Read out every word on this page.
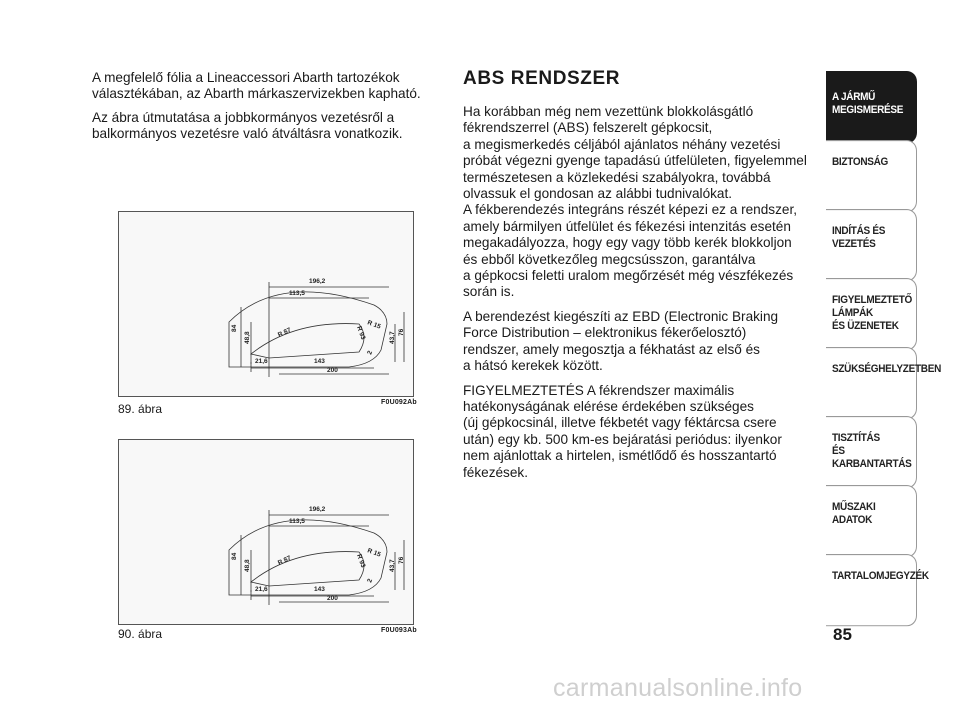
A megfelelő fólia a Lineaccessori Abarth tartozékok választékában, az Abarth márkaszervizekben kapható.

Az ábra útmutatása a jobbkormányos vezetésről a balkormányos vezetésre való átváltásra vonatkozik.

196,2
113,5
84
48,8
21,6	143
200
R 87	R 93
R 15
43,7 76
2
F0U092Ab
89. ábra
196,2
113,5
84
48,8
21,6	143
200
R 87	R 93
R 15
43,7 76
2
F0U093Ab
90. ábra
ABS RENDSZER

Ha korábban még nem vezettünk blokkolásgátló
fékrendszerrel (ABS) felszerelt gépkocsit,
a megismerkedés céljából ajánlatos néhány vezetési
próbát végezni gyenge tapadású útfelületen, figyelemmel
természetesen a közlekedési szabályokra, továbbá
olvassuk el gondosan az alábbi tudnivalókat.
A fékberendezés integráns részét képezi ez a rendszer,
amely bármilyen útfelület és fékezési intenzitás esetén
megakadályozza, hogy egy vagy több kerék blokkoljon
és ebből következőleg megcsússzon, garantálva
a gépkocsi feletti uralom megőrzését még vészfékezés
során is.

A berendezést kiegészíti az EBD (Electronic Braking
Force Distribution – elektronikus fékerőelosztó)
rendszer, amely megosztja a fékhatást az első és
a hátsó kerekek között.

FIGYELMEZTETÉS A fékrendszer maximális
hatékonyságának elérése érdekében szükséges
(új gépkocsinál, illetve fékbetét vagy féktárcsa csere
után) egy kb. 500 km-es bejáratási periódus: ilyenkor
nem ajánlottak a hirtelen, ismétlődő és hosszantartó
fékezések.

A JÁRMŰ
MEGISMERÉSE
BIZTONSÁG
INDÍTÁS ÉS VEZETÉS
FIGYELMEZTETŐ
LÁMPÁK
ÉS ÜZENETEK
SZÜKSÉGHELYZETBEN
TISZTÍTÁS
ÉS KARBANTARTÁS
MŰSZAKI ADATOK
TARTALOMJEGYZÉK
85
carmanualsonline.info
